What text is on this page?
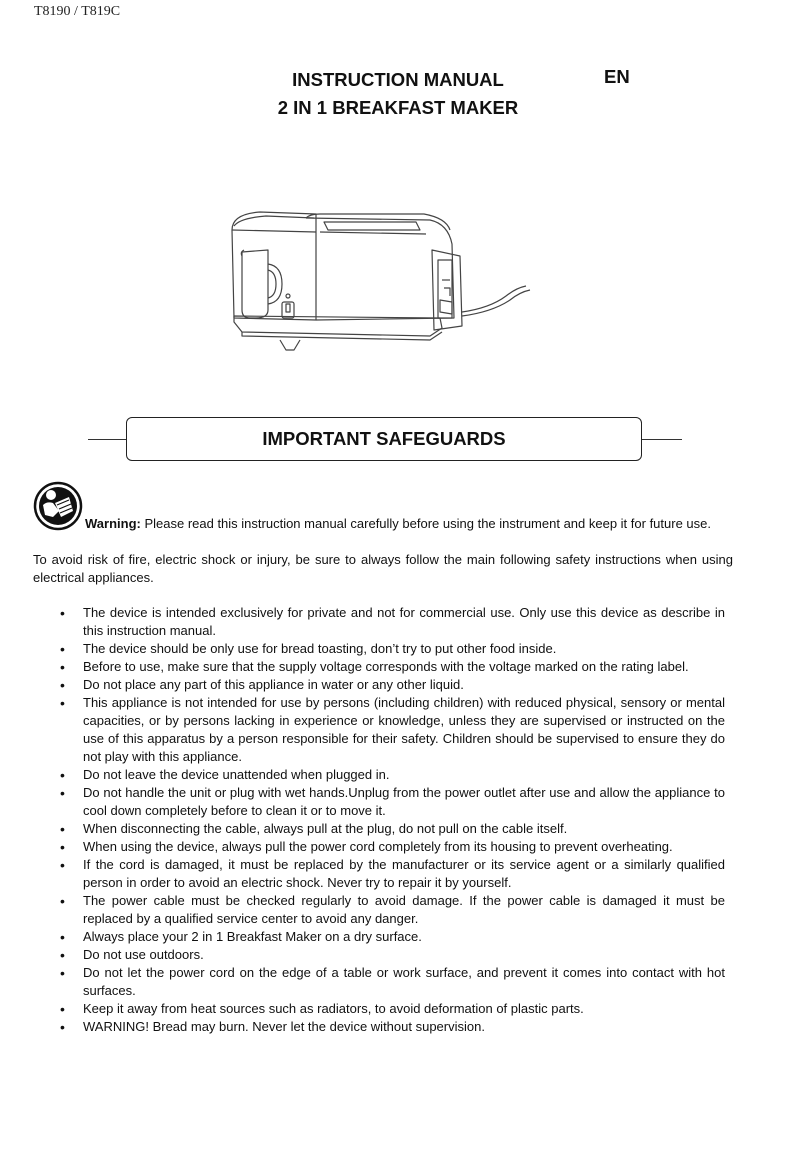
T8190 / T819C
INSTRUCTION MANUAL
2 IN 1 BREAKFAST MAKER
EN
IMPORTANT SAFEGUARDS
Warning: Please read this instruction manual carefully before using the instrument and keep it for future use.
To avoid risk of fire, electric shock or injury, be sure to always follow the main following safety instructions when using electrical appliances.
• The device is intended exclusively for private and not for commercial use. Only use this device as describe in this instruction manual.
• The device should be only use for bread toasting, don’t try to put other food inside.
• Before to use, make sure that the supply voltage corresponds with the voltage marked on the rating label.
• Do not place any part of this appliance in water or any other liquid.
• This appliance is not intended for use by persons (including children) with reduced physical, sensory or mental capacities, or by persons lacking in experience or knowledge, unless they are supervised or instructed on the use of this apparatus by a person responsible for their safety. Children should be supervised to ensure they do not play with this appliance.
• Do not leave the device unattended when plugged in.
• Do not handle the unit or plug with wet hands.Unplug from the power outlet after use and allow the appliance to cool down completely before to clean it or to move it.
• When disconnecting the cable, always pull at the plug, do not pull on the cable itself.
• When using the device, always pull the power cord completely from its housing to prevent overheating.
• If the cord is damaged, it must be replaced by the manufacturer or its service agent or a similarly qualified person in order to avoid an electric shock. Never try to repair it by yourself.
• The power cable must be checked regularly to avoid damage. If the power cable is damaged it must be replaced by a qualified service center to avoid any danger.
• Always place your 2 in 1 Breakfast Maker on a dry surface.
• Do not use outdoors.
• Do not let the power cord on the edge of a table or work surface, and prevent it comes into contact with hot surfaces.
• Keep it away from heat sources such as radiators, to avoid deformation of plastic parts.
• WARNING! Bread may burn. Never let the device without supervision.
